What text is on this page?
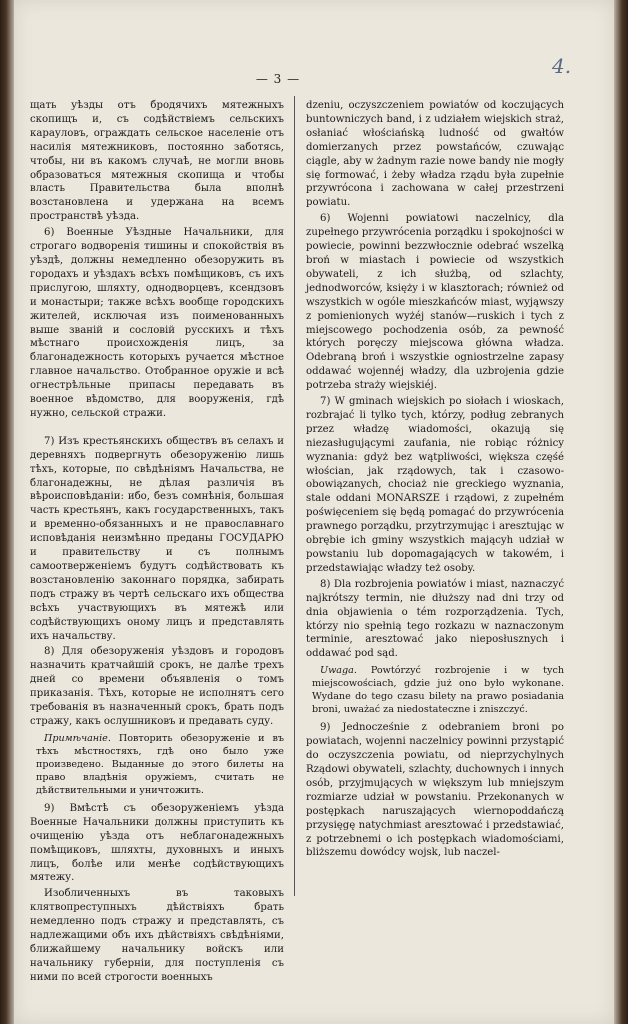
— 3 —
4.

щать уѣзды отъ бродячихъ мятежныхъ скопищъ и, съ содѣйствіемъ сельскихъ карауловъ, ограждать сельское населеніе отъ насилія мятежниковъ, постоянно заботясь, чтобы, ни въ какомъ случаѣ, не могли вновь образоваться мятежныя скопища и чтобы власть Правительства была вполнѣ возстановлена и удержана на всемъ пространствѣ уѣзда.

6) Военные Уѣздные Начальники, для строгаго водворенія тишины и спокойствія въ уѣздѣ, должны немедленно обезоружить въ городахъ и уѣздахъ всѣхъ помѣщиковъ, съ ихъ прислугою, шляхту, однодворцевъ, ксендзовъ и монастыри; также всѣхъ вообще городскихъ жителей, исключая изъ поименованныхъ выше званій и сословій русскихъ и тѣхъ мѣстнаго происхожденія лицъ, за благонадежность которыхъ ручается мѣстное главное начальство. Отобранное оружіе и всѣ огнестрѣльные припасы передавать въ военное вѣдомство, для вооруженія, гдѣ нужно, сельской стражи.

7) Изъ крестьянскихъ обществъ въ селахъ и деревняхъ подвергнуть обезоруженію лишь тѣхъ, которые, по свѣдѣніямъ Начальства, не благонадежны, не дѣлая различія въ вѣроисповѣданіи: ибо, безъ сомнѣнія, большая часть крестьянъ, какъ государственныхъ, такъ и временно-обязанныхъ и не православнаго исповѣданія неизмѣнно преданы ГОСУДАРЮ и правительству и съ полнымъ самоотверженіемъ будутъ содѣйствовать къ возстановленію законнаго порядка, забирать подъ стражу въ чертѣ сельскаго ихъ общества всѣхъ участвующихъ въ мятежѣ или содѣйствующихъ оному лицъ и представлять ихъ начальству.

8) Для обезоруженія уѣздовъ и городовъ назначить кратчайшій срокъ, не далѣе трехъ дней со времени объявленія о томъ приказанія. Тѣхъ, которые не исполнятъ сего требованія въ назначенный срокъ, брать подъ стражу, какъ ослушниковъ и предавать суду.

Примѣчаніе. Повторить обезоруженіе и въ тѣхъ мѣстностяхъ, гдѣ оно было уже произведено. Выданные до этого билеты на право владѣнія оружіемъ, считать не дѣйствительными и уничтожить.

9) Вмѣстѣ съ обезоруженіемъ уѣзда Военные Начальники должны приступить къ очищенію уѣзда отъ неблагонадежныхъ помѣщиковъ, шляхты, духовныхъ и иныхъ лицъ, болѣе или менѣе содѣйствующихъ мятежу.

Изобличенныхъ въ таковыхъ клятвопреступныхъ дѣйствіяхъ брать немедленно подъ стражу и представлять, съ надлежащими объ ихъ дѣйствіяхъ свѣдѣніями, ближайшему начальнику войскъ или начальнику губерніи, для поступленія съ ними по всей строгости военныхъ

dzeniu, oczyszczeniem powiatów od koczujących buntowniczych band, i z udziałem wiejskich straż, osłaniać włościańską ludność od gwałtów domierzanych przez powstańców, czuwając ciągle, aby w żadnym razie nowe bandy nie mogły się formować, i żeby władza rządu była zupełnie przywrócona i zachowana w całej przestrzeni powiatu.

6) Wojenni powiatowi naczelnicy, dla zupełnego przywrócenia porządku i spokojności w powiecie, powinni bezzwłocznie odebrać wszelką broń w miastach i powiecie od wszystkich obywateli, z ich służbą, od szlachty, jednodworców, księży i w klasztorach; również od wszystkich w ogóle mieszkańców miast, wyjąwszy z pomienionych wyżéj stanów—ruskich i tych z miejscowego pochodzenia osób, za pewność których poręczy miejscowa główna władza. Odebraną broń i wszystkie ogniostrzelne zapasy oddawać wojennéj władzy, dla uzbrojenia gdzie potrzeba straży wiejskiéj.

7) W gminach wiejskich po siołach i wioskach, rozbrajać li tylko tych, którzy, podług zebranych przez władzę wiadomości, okazują się niezasługującymi zaufania, nie robiąc różnicy wyznania: gdyż bez wątpliwości, większa częśé włościan, jak rządowych, tak i czasowo-obowiązanych, chociaż nie greckiego wyznania, stale oddani MONARSZE i rządowi, z zupełném poświęceniem się będą pomagać do przywrócenia prawnego porządku, przytrzymując i aresztując w obrębie ich gminy wszystkich mającyh udział w powstaniu lub dopomagających w takowém, i przedstawiając władzy też osoby.

8) Dla rozbrojenia powiatów i miast, naznaczyć najkrótszy termin, nie dłuższy nad dni trzy od dnia objawienia o tém rozporządzenia. Tych, którzy nio spełnią tego rozkazu w naznaczonym terminie, aresztować jako nieposłusznych i oddawać pod sąd.

Uwaga. Powtórzyć rozbrojenie i w tych miejscowościach, gdzie już ono było wykonane. Wydane do tego czasu bilety na prawo posiadania broni, uważać za niedostateczne i zniszczyć.

9) Jednocześnie z odebraniem broni po powiatach, wojenni naczelnicy powinni przystąpić do oczyszczenia powiatu, od nieprzychylnych Rządowi obywateli, szlachty, duchownych i innych osób, przyjmujących w większym lub mniejszym rozmiarze udział w powstaniu. Przekonanych w postępkach naruszających wiernopoddańczą przysięgę natychmiast aresztować i przedstawiać, z potrzebnemi o ich postępkach wiadomościami, bliższemu dowódcy wojsk, lub naczel-
